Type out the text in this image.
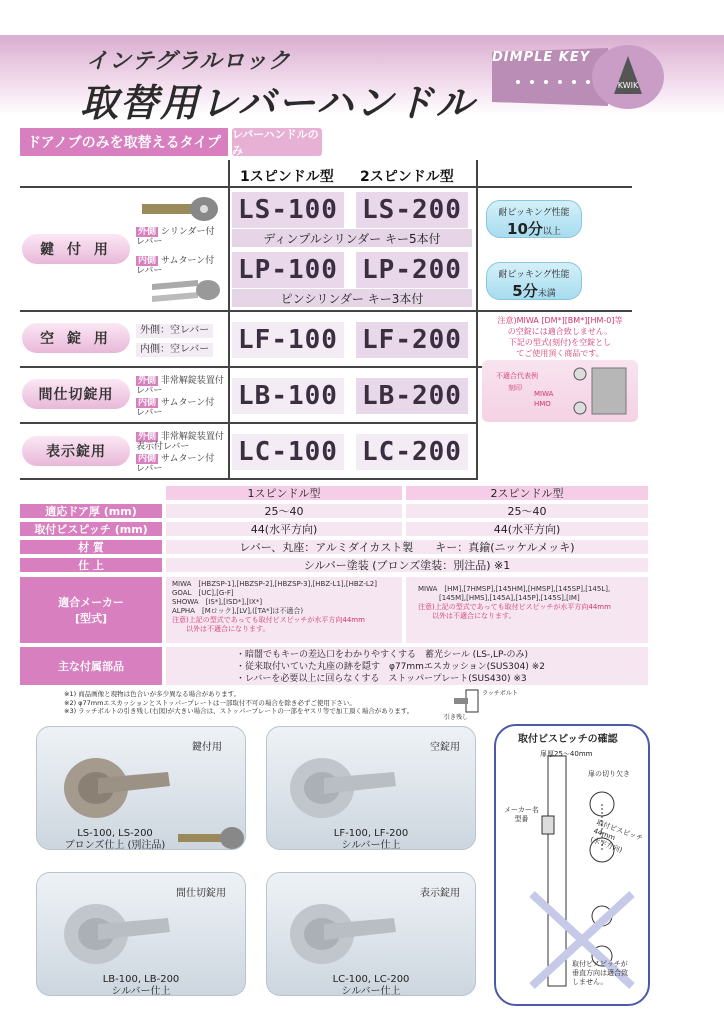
インテグラルロック
取替用レバーハンドル	KWIK
DIMPLE KEY
ドアノブのみを取替えるタイプ
レバーハンドルのみ
1スピンドル型 2スピンドル型
鍵 付 用
外側 シリンダー付
レバー
内側 サムターン付
レバー
LS-100 LS-200
ディンプルシリンダー キー5本付
LP-100 LP-200
ピンシリンダー キー3本付
耐ピッキング性能
10分以上
耐ピッキング性能
5分未満
空 錠 用
外側：空レバー
内側：空レバー LF-100 LF-200
間仕切錠用
外側 非常解錠装置付
レバー
内側 サムターン付
レバー
LB-100 LB-200
表示錠用
外側 非常解錠装置付
表示付レバー
内側 サムターン付
レバー
LC-100 LC-200
注意)MIWA [DM*][BM*][HM-0]等
の空錠には適合致しません。
下記の型式(刻付)を空錠とし
てご使用頂く商品です。
不適合代表例
刻印
MIWA
HMO
1スピンドル型	2スピンドル型
適応ドア厚 (mm)	25～40	25～40
取付ビスピッチ (mm)	44(水平方向)	44(水平方向)
材 質	レバー、丸座：アルミダイカスト製　　キー：真鍮(ニッケルメッキ)
仕 上	シルバー塗装 (ブロンズ塗装：別注品) ※1
適合メーカー
[型式]
MIWA　[HBZSP-1],[HBZSP-2],[HBZSP-3],[HBZ-L1],[HBZ-L2]
GOAL　[UC],[G-F]
SHOWA　[IS*],[ISD*],[IX*]
ALPHA　[Mロック],[LV],([TA*]は不適合)
注意)上記の型式であっても取付ビスピッチが水平方向44mm
　　以外は不適合になります。
MIWA　[HM],[7HMSP],[145HM],[HMSP],[145SP],[145L],
　　　[145M],[HMS],[145A],[145P],[145S],[IM]
注意)上記の型式であっても取付ビスピッチが水平方向44mm
　　以外は不適合になります。
主な付属部品
・暗闇でもキーの差込口をわかりやすくする　蓄光シール (LS-,LP-のみ)
・従来取付いていた丸座の跡を隠す　φ77mmエスカッション(SUS304) ※2
・レバーを必要以上に回らなくする　ストッパープレート(SUS430) ※3
※1) 商品画像と現物は色合いが多少異なる場合があります。
※2) φ77mmエスカッションとストッパープレートは一部取付不可の場合を除き必ずご使用下さい。
※3) ラッチボルトの引き残し(右図)が大きい場合は、ストッパープレートの一部をヤスリ等で加工頂く場合があります。
ラッチボルト
引き残し
鍵付用
LS-100, LS-200
ブロンズ仕上 (別注品)
空錠用
LF-100, LF-200
シルバー仕上
間仕切錠用
LB-100, LB-200
シルバー仕上
表示錠用
LC-100, LC-200
シルバー仕上
取付ビスピッチの確認
扉厚25～40mm
扉の切り欠き
メーカー名
型番	取付ビスピッチ
44mm
(水平方向)
取付ビスピッチが
垂直方向は適合致
しません。
